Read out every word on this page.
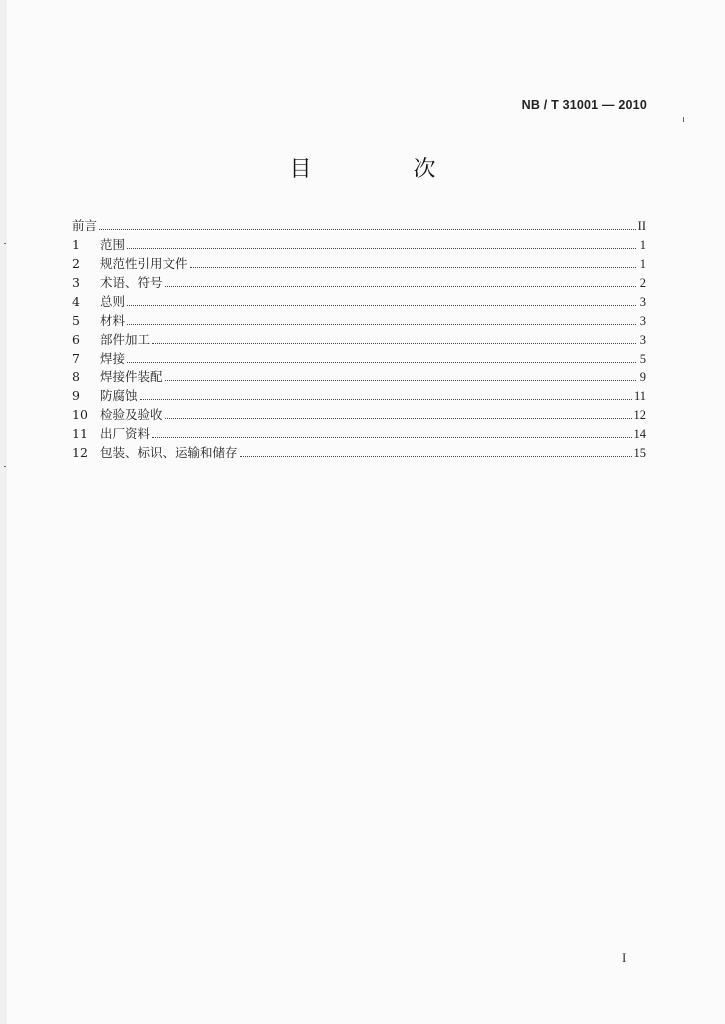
NB / T 31001 — 2010
目　次
前言	II
1	范围	1
2	规范性引用文件	1
3	术语、符号	2
4	总则	3
5	材料	3
6	部件加工	3
7	焊接	5
8	焊接件装配	9
9	防腐蚀	11
10 检验及验收	12
11 出厂资料	14
12 包装、标识、运输和储存	15
I
